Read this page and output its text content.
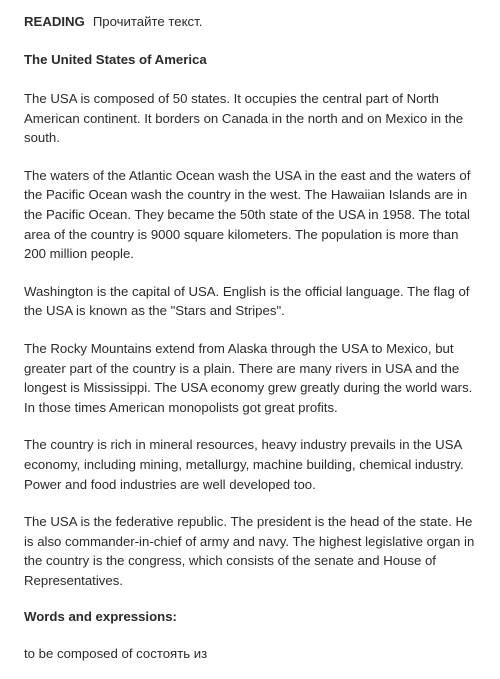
READING Прочитайте текст.
The United States of America

The USA is composed of 50 states. It occupies the central part of North American continent. It borders on Canada in the north and on Mexico in the south.

The waters of the Atlantic Ocean wash the USA in the east and the waters of the Pacific Ocean wash the country in the west. The Hawaiian Islands are in the Pacific Ocean. They became the 50th state of the USA in 1958. The total area of the country is 9000 square kilometers. The population is more than 200 million people.

Washington is the capital of USA. English is the official language. The flag of the USA is known as the "Stars and Stripes".

The Rocky Mountains extend from Alaska through the USA to Mexico, but greater part of the country is a plain. There are many rivers in USA and the longest is Mississippi. The USA economy grew greatly during the world wars. In those times American monopolists got great profits.

The country is rich in mineral resources, heavy industry prevails in the USA economy, including mining, metallurgy, machine building, chemical industry. Power and food industries are well developed too.

The USA is the federative republic. The president is the head of the state. He is also commander-in-chief of army and navy. The highest legislative organ in the country is the congress, which consists of the senate and House of Representatives.

Words and expressions:

to be composed of состоять из
